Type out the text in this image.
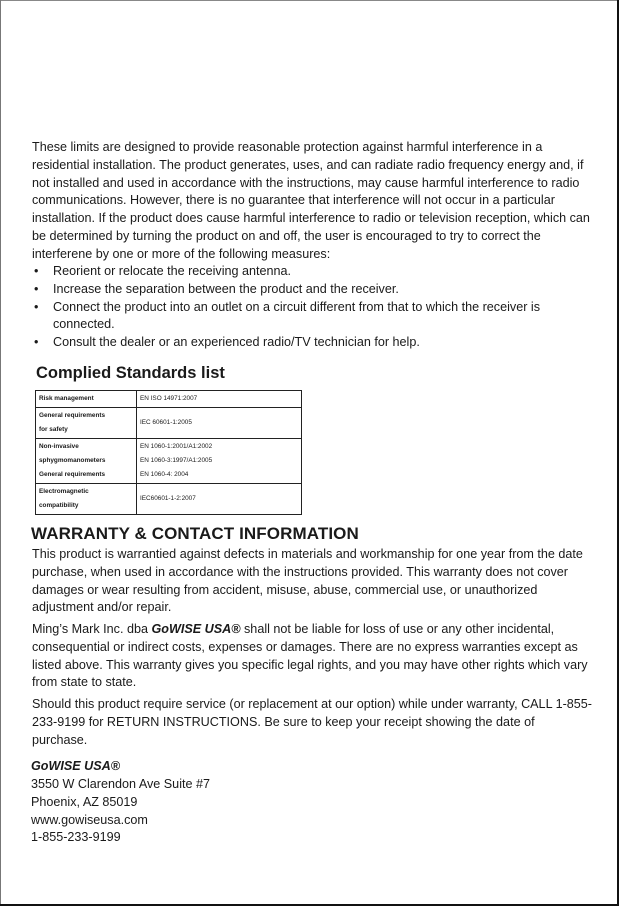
These limits are designed to provide reasonable protection against harmful interference in a residential installation. The product generates, uses, and can radiate radio frequency energy and, if not installed and used in accordance with the instructions, may cause harmful interference to radio communications. However, there is no guarantee that interference will not occur in a particular installation. If the product does cause harmful interference to radio or television reception, which can be determined by turning the product on and off, the user is encouraged to try to correct the interferene by one or more of the following measures:

• Reorient or relocate the receiving antenna.
• Increase the separation between the product and the receiver.
• Connect the product into an outlet on a circuit different from that to which the receiver is connected.
• Consult the dealer or an experienced radio/TV technician for help.
Complied Standards list
Risk management	EN ISO 14971:2007

General requirements
for safety	IEC 60601-1:2005

Non-invasive
sphygmomanometers
General requirements	EN 1060-1:2001/A1:2002
EN 1060-3:1997/A1:2005
EN 1060-4: 2004

Electromagnetic
compatibility	IEC60601-1-2:2007
WARRANTY & CONTACT INFORMATION

This product is warrantied against defects in materials and workmanship for one year from the date purchase, when used in accordance with the instructions provided. This warranty does not cover damages or wear resulting from accident, misuse, abuse, commercial use, or unauthorized adjustment and/or repair.

Ming’s Mark Inc. dba GoWISE USA® shall not be liable for loss of use or any other incidental, consequential or indirect costs, expenses or damages. There are no express warranties except as listed above. This warranty gives you specific legal rights, and you may have other rights which vary from state to state.

Should this product require service (or replacement at our option) while under warranty, CALL 1-855-233-9199 for RETURN INSTRUCTIONS. Be sure to keep your receipt showing the date of purchase.

GoWISE USA®
3550 W Clarendon Ave Suite #7
Phoenix, AZ 85019
www.gowiseusa.com
1-855-233-9199
